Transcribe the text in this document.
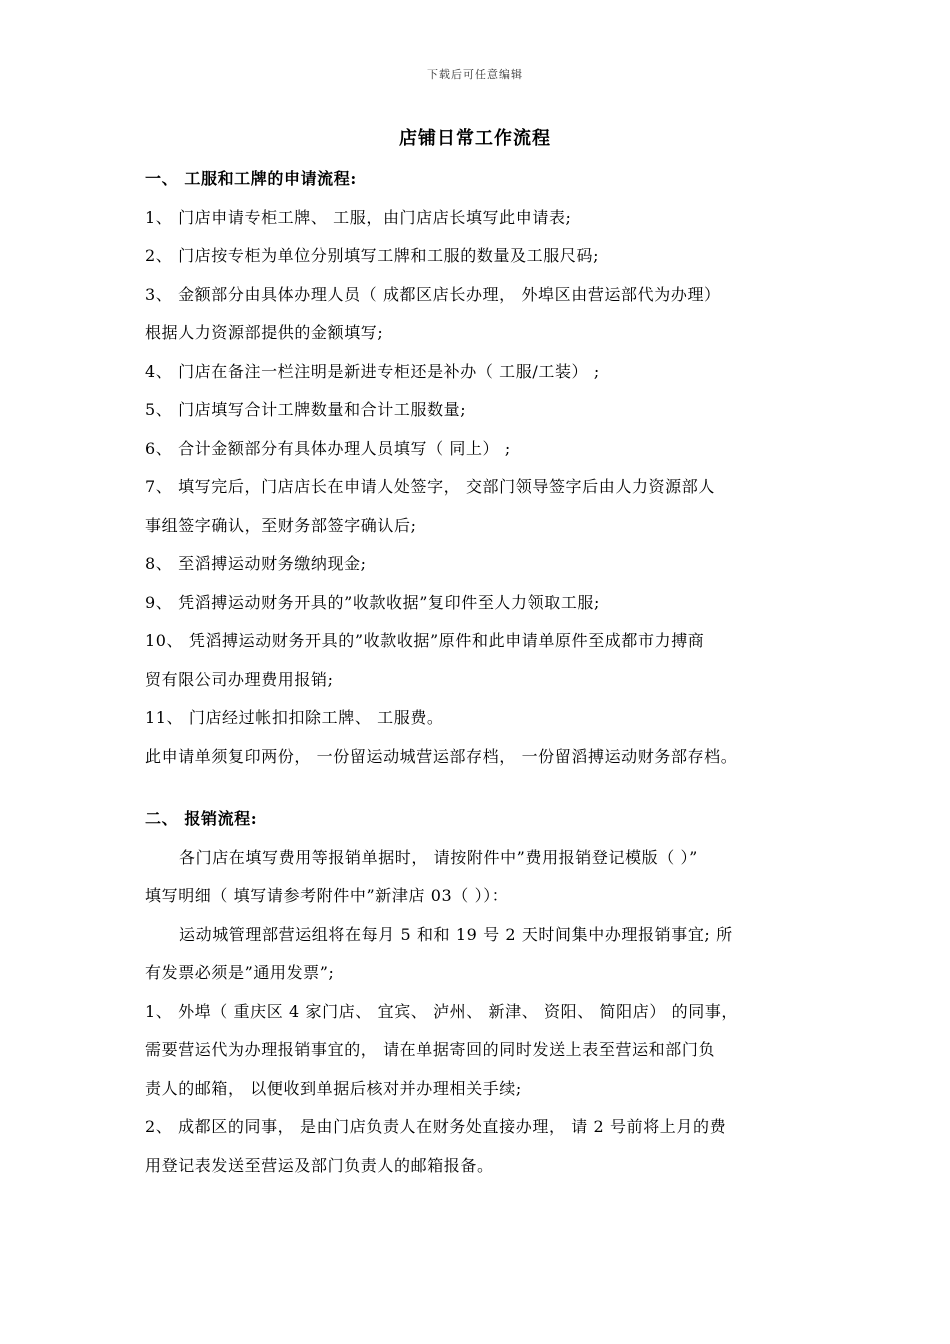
下载后可任意编辑
店铺日常工作流程
一、 工服和工牌的申请流程:
1、 门店申请专柜工牌、 工服，由门店店长填写此申请表;
2、 门店按专柜为单位分别填写工牌和工服的数量及工服尺码;
3、 金额部分由具体办理人员（ 成都区店长办理， 外埠区由营运部代为办理）
根据人力资源部提供的金额填写;
4、 门店在备注一栏注明是新进专柜还是补办（ 工服/工装） ;
5、 门店填写合计工牌数量和合计工服数量;
6、 合计金额部分有具体办理人员填写（ 同上） ;
7、 填写完后，门店店长在申请人处签字， 交部门领导签字后由人力资源部人
事组签字确认，至财务部签字确认后;
8、 至滔搏运动财务缴纳现金;
9、 凭滔搏运动财务开具的”收款收据”复印件至人力领取工服;
10、 凭滔搏运动财务开具的”收款收据”原件和此申请单原件至成都市力搏商
贸有限公司办理费用报销;
11、 门店经过帐扣扣除工牌、 工服费。
此申请单须复印两份， 一份留运动城营运部存档， 一份留滔搏运动财务部存档。
二、 报销流程:
各门店在填写费用等报销单据时， 请按附件中”费用报销登记模版（ ）”
填写明细（ 填写请参考附件中”新津店 03（ ））：
运动城管理部营运组将在每月 5 和和 19 号 2 天时间集中办理报销事宜; 所
有发票必须是”通用发票”;
1、 外埠（ 重庆区 4 家门店、 宜宾、 泸州、 新津、 资阳、 简阳店） 的同事，
需要营运代为办理报销事宜的， 请在单据寄回的同时发送上表至营运和部门负
责人的邮箱， 以便收到单据后核对并办理相关手续;
2、 成都区的同事， 是由门店负责人在财务处直接办理， 请 2 号前将上月的费
用登记表发送至营运及部门负责人的邮箱报备。
